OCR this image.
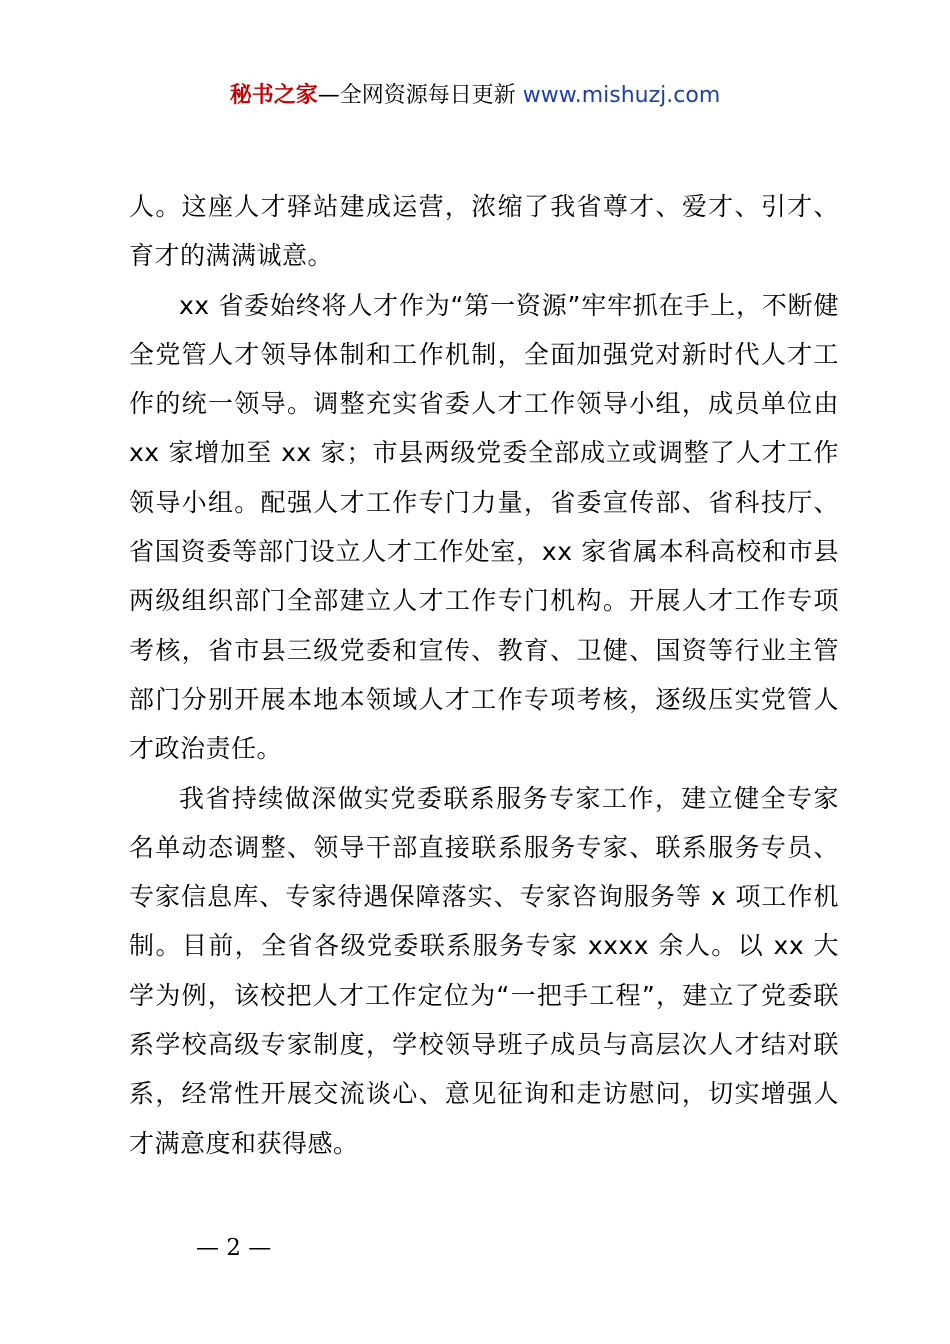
秘书之家—全网资源每日更新 www.mishuzj.com

人。这座人才驿站建成运营，浓缩了我省尊才、爱才、引才、育才的满满诚意。

xx 省委始终将人才作为“第一资源”牢牢抓在手上，不断健全党管人才领导体制和工作机制，全面加强党对新时代人才工作的统一领导。调整充实省委人才工作领导小组，成员单位由 xx 家增加至 xx 家；市县两级党委全部成立或调整了人才工作领导小组。配强人才工作专门力量，省委宣传部、省科技厅、省国资委等部门设立人才工作处室，xx 家省属本科高校和市县两级组织部门全部建立人才工作专门机构。开展人才工作专项考核，省市县三级党委和宣传、教育、卫健、国资等行业主管部门分别开展本地本领域人才工作专项考核，逐级压实党管人才政治责任。

我省持续做深做实党委联系服务专家工作，建立健全专家名单动态调整、领导干部直接联系服务专家、联系服务专员、专家信息库、专家待遇保障落实、专家咨询服务等 x 项工作机制。目前，全省各级党委联系服务专家 xxxx 余人。以 xx 大学为例，该校把人才工作定位为“一把手工程”，建立了党委联系学校高级专家制度，学校领导班子成员与高层次人才结对联系，经常性开展交流谈心、意见征询和走访慰问，切实增强人才满意度和获得感。

— 2 —
